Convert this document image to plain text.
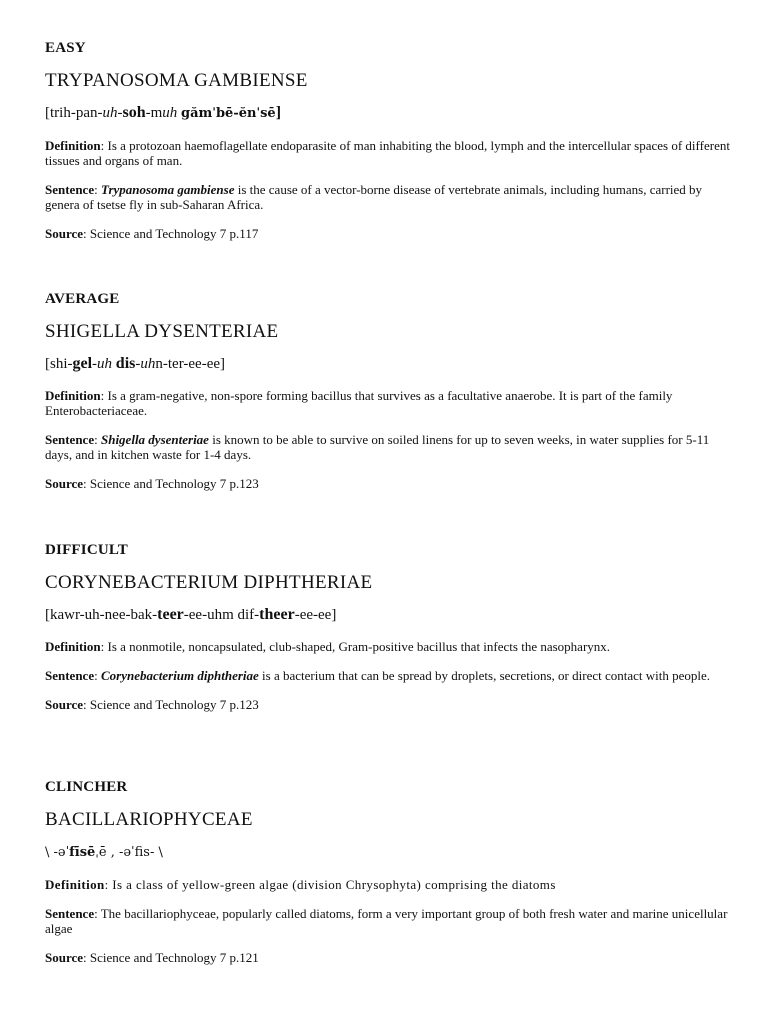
EASY

TRYPANOSOMA GAMBIENSE

[trih-pan-uh-soh-muh gămˈbē-ĕnˈsē]

Definition: Is a protozoan haemoflagellate endoparasite of man inhabiting the blood, lymph and the intercellular spaces of different tissues and organs of man.

Sentence: Trypanosoma gambiense is the cause of a vector-borne disease of vertebrate animals, including humans, carried by genera of tsetse fly in sub-Saharan Africa.

Source: Science and Technology 7 p.117

AVERAGE

SHIGELLA DYSENTERIAE

[shi-gel-uh dis-uhn-ter-ee-ee]

Definition: Is a gram-negative, non-spore forming bacillus that survives as a facultative anaerobe. It is part of the family Enterobacteriaceae.

Sentence: Shigella dysenteriae is known to be able to survive on soiled linens for up to seven weeks, in water supplies for 5-11 days, and in kitchen waste for 1-4 days.

Source: Science and Technology 7 p.123

DIFFICULT

CORYNEBACTERIUM DIPHTHERIAE

[kawr-uh-nee-bak-teer-ee-uhm dif-theer-ee-ee]

Definition: Is a nonmotile, noncapsulated, club-shaped, Gram-positive bacillus that infects the nasopharynx.

Sentence: Corynebacterium diphtheriae is a bacterium that can be spread by droplets, secretions, or direct contact with people.

Source: Science and Technology 7 p.123

CLINCHER

BACILLARIOPHYCEAE

\ -əˈfīsēˌē , -əˈfis- \

Definition: Is a class of yellow-green algae (division Chrysophyta) comprising the diatoms

Sentence: The bacillariophyceae, popularly called diatoms, form a very important group of both fresh water and marine unicellular algae

Source: Science and Technology 7 p.121
